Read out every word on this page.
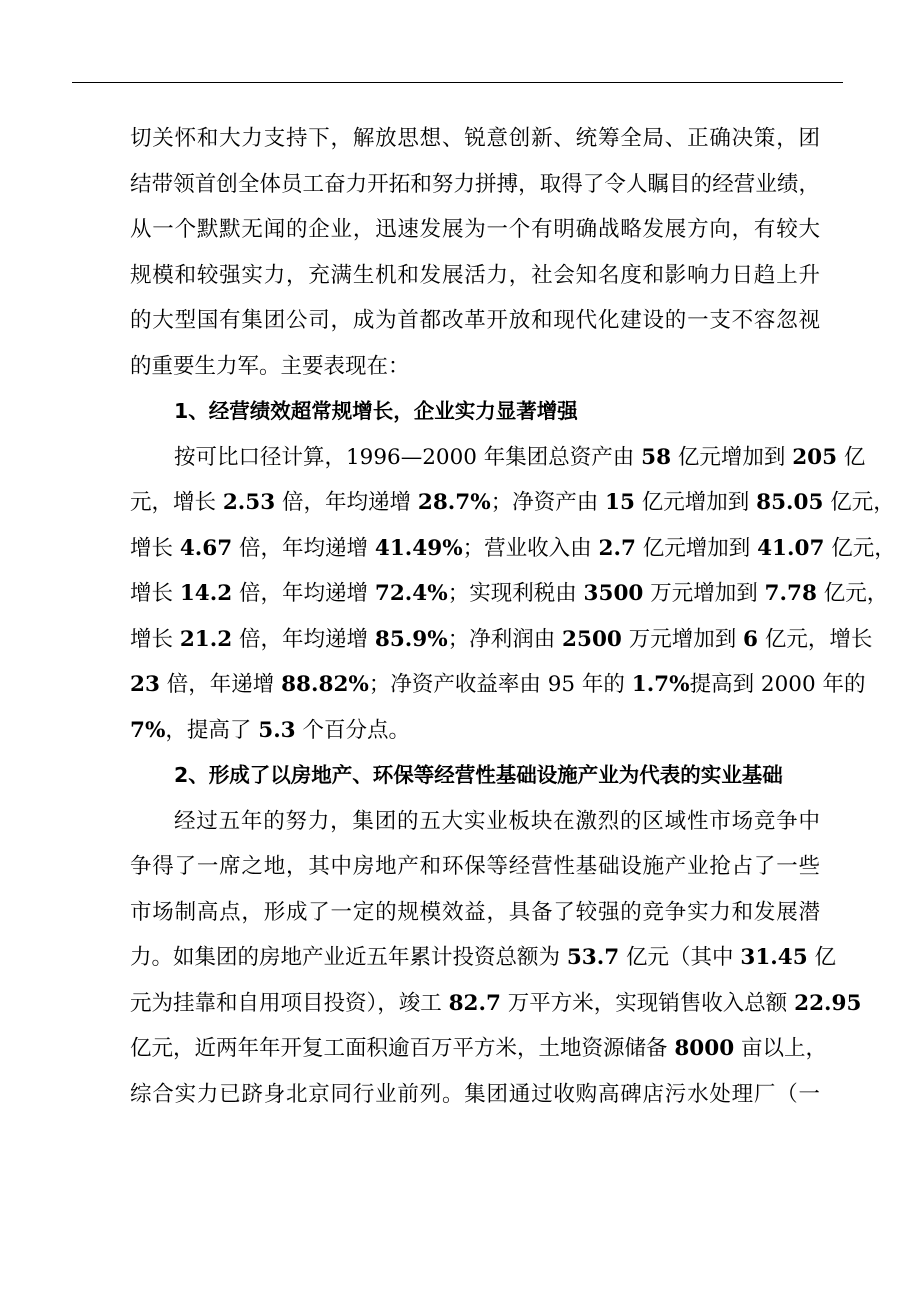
切关怀和大力支持下，解放思想、锐意创新、统筹全局、正确决策，团
结带领首创全体员工奋力开拓和努力拼搏，取得了令人瞩目的经营业绩，
从一个默默无闻的企业，迅速发展为一个有明确战略发展方向，有较大
规模和较强实力，充满生机和发展活力，社会知名度和影响力日趋上升
的大型国有集团公司，成为首都改革开放和现代化建设的一支不容忽视
的重要生力军。主要表现在：
1、经营绩效超常规增长，企业实力显著增强
按可比口径计算，1996—2000 年集团总资产由 58 亿元增加到 205 亿
元，增长 2.53 倍，年均递增 28.7%；净资产由 15 亿元增加到 85.05 亿元，
增长 4.67 倍，年均递增 41.49%；营业收入由 2.7 亿元增加到 41.07 亿元，
增长 14.2 倍，年均递增 72.4%；实现利税由 3500 万元增加到 7.78 亿元，
增长 21.2 倍，年均递增 85.9%；净利润由 2500 万元增加到 6 亿元，增长
23 倍，年递增 88.82%；净资产收益率由 95 年的 1.7%提高到 2000 年的
7%，提高了 5.3 个百分点。
2、形成了以房地产、环保等经营性基础设施产业为代表的实业基础
经过五年的努力，集团的五大实业板块在激烈的区域性市场竞争中
争得了一席之地，其中房地产和环保等经营性基础设施产业抢占了一些
市场制高点，形成了一定的规模效益，具备了较强的竞争实力和发展潜
力。如集团的房地产业近五年累计投资总额为 53.7 亿元（其中 31.45 亿
元为挂靠和自用项目投资），竣工 82.7 万平方米，实现销售收入总额 22.95
亿元，近两年年开复工面积逾百万平方米，土地资源储备 8000 亩以上，
综合实力已跻身北京同行业前列。集团通过收购高碑店污水处理厂（一
